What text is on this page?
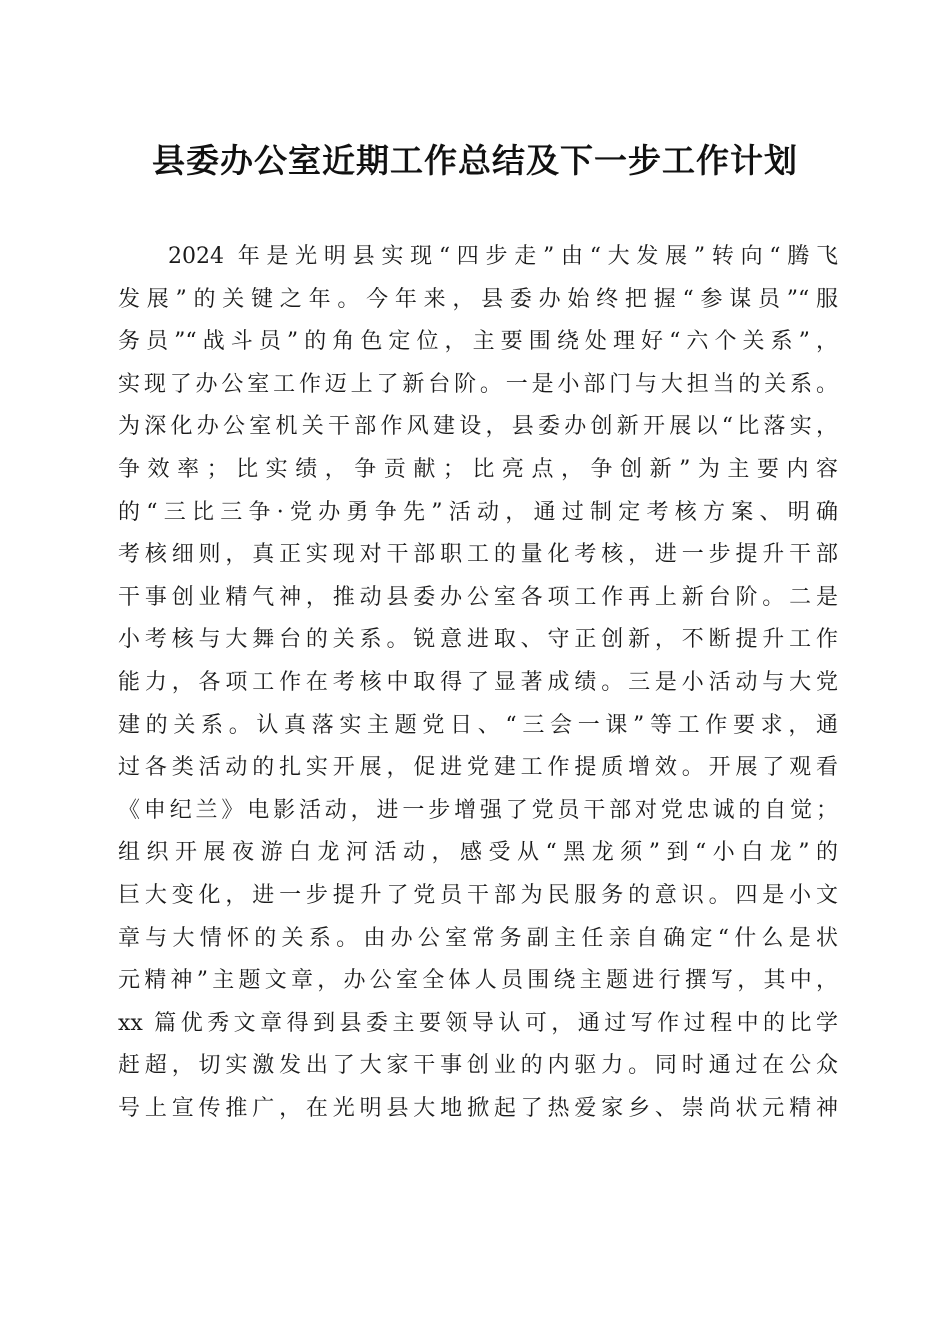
县委办公室近期工作总结及下一步工作计划
2024 年是光明县实现“四步走”由“大发展”转向“腾飞
发展”的关键之年。今年来，县委办始终把握“参谋员”“服
务员”“战斗员”的角色定位，主要围绕处理好“六个关系”，
实现了办公室工作迈上了新台阶。一是小部门与大担当的关系。
为深化办公室机关干部作风建设，县委办创新开展以“比落实，
争效率；比实绩，争贡献；比亮点，争创新”为主要内容
的“三比三争·党办勇争先”活动，通过制定考核方案、明确
考核细则，真正实现对干部职工的量化考核，进一步提升干部
干事创业精气神，推动县委办公室各项工作再上新台阶。二是
小考核与大舞台的关系。锐意进取、守正创新，不断提升工作
能力，各项工作在考核中取得了显著成绩。三是小活动与大党
建的关系。认真落实主题党日、“三会一课”等工作要求，通
过各类活动的扎实开展，促进党建工作提质增效。开展了观看
《申纪兰》电影活动，进一步增强了党员干部对党忠诚的自觉；
组织开展夜游白龙河活动，感受从“黑龙须”到“小白龙”的
巨大变化，进一步提升了党员干部为民服务的意识。四是小文
章与大情怀的关系。由办公室常务副主任亲自确定“什么是状
元精神”主题文章，办公室全体人员围绕主题进行撰写，其中，
xx 篇优秀文章得到县委主要领导认可，通过写作过程中的比学
赶超，切实激发出了大家干事创业的内驱力。同时通过在公众
号上宣传推广，在光明县大地掀起了热爱家乡、崇尚状元精神
